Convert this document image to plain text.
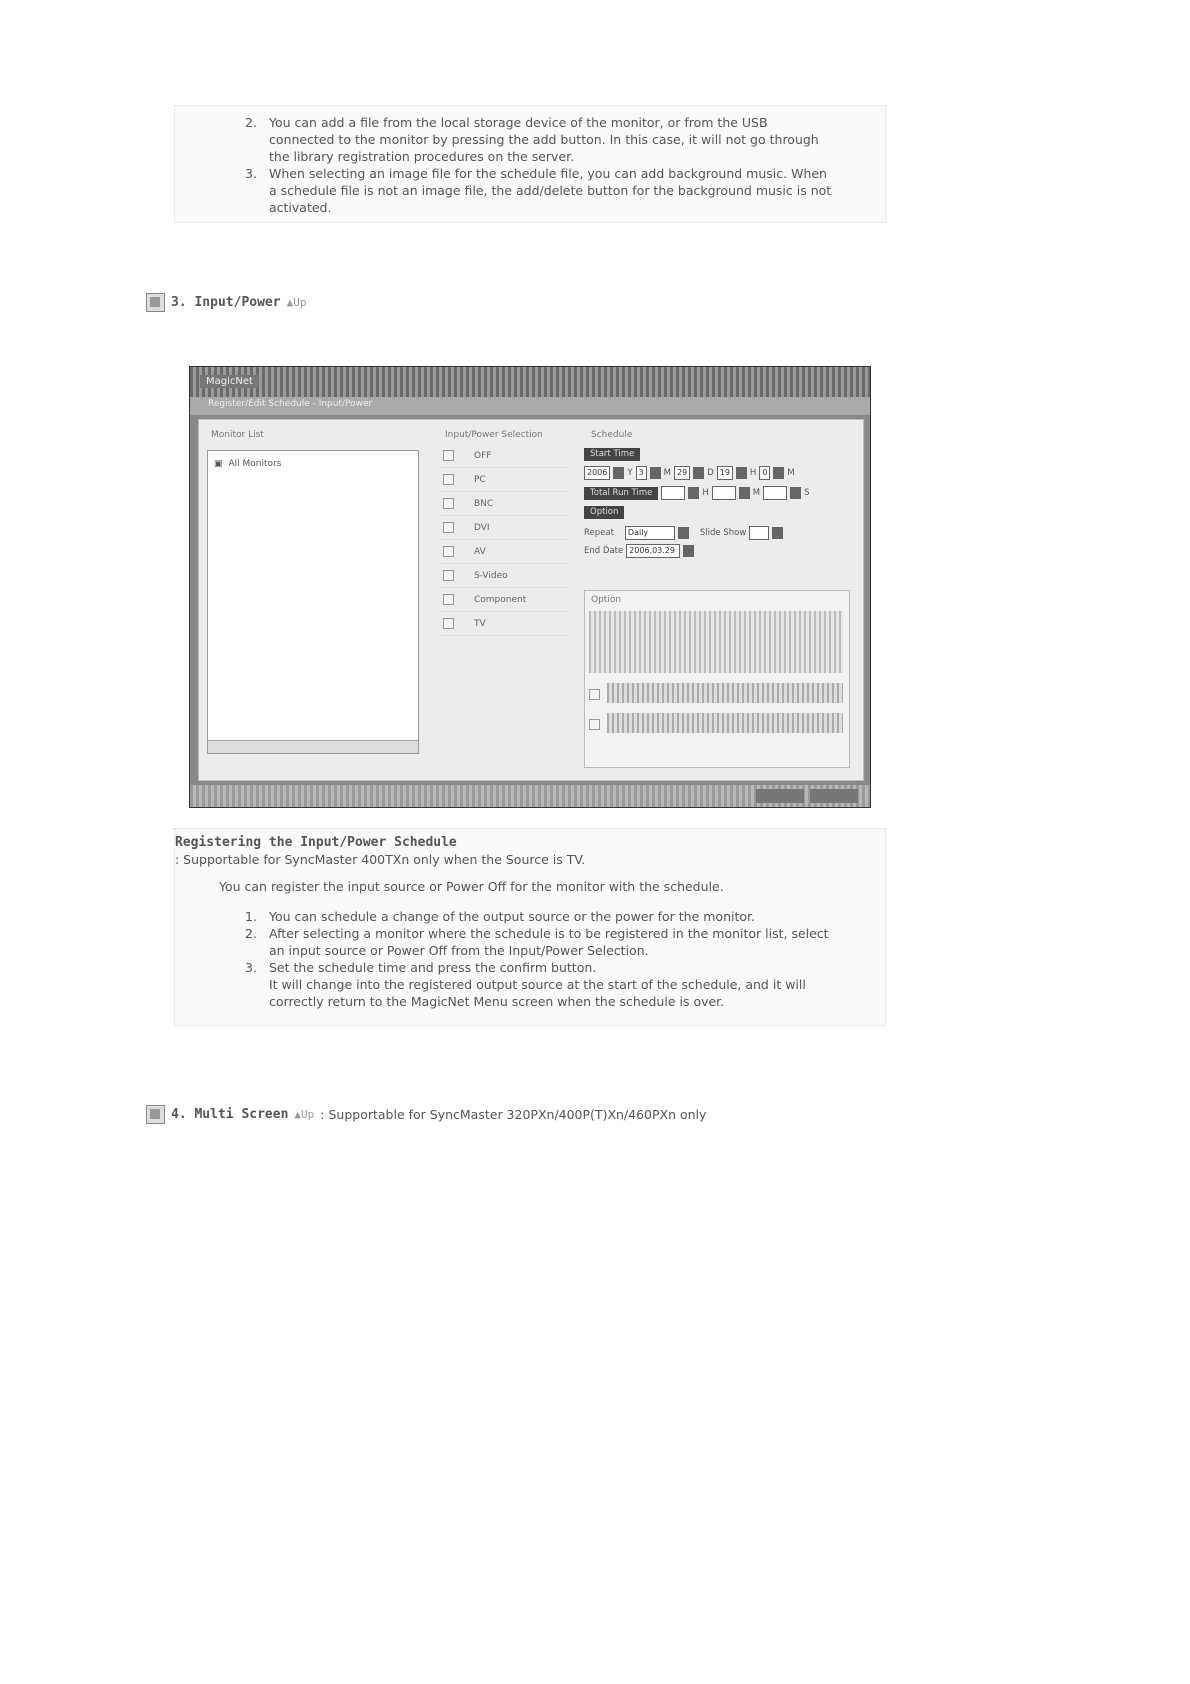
2. You can add a file from the local storage device of the monitor, or from the USB
connected to the monitor by pressing the add button. In this case, it will not go through
the library registration procedures on the server.
3. When selecting an image file for the schedule file, you can add background music. When
a schedule file is not an image file, the add/delete button for the background music is not
activated.
3. Input/Power ▲Up
MagicNet
Register/Edit Schedule - Input/Power
Monitor List
▣ All Monitors
Input/Power Selection
OFF
PC
BNC
DVI
AV
S-Video
Component
TV
Schedule
Start Time
2006	Y 3	M 29	D 19	H 0	M
Total Run Time	H	M	S
Option
Repeat	Daily	Slide Show
End Date 2006.03.29
Option
Registering the Input/Power Schedule
: Supportable for SyncMaster 400TXn only when the Source is TV.
You can register the input source or Power Off for the monitor with the schedule.
1. You can schedule a change of the output source or the power for the monitor.
2. After selecting a monitor where the schedule is to be registered in the monitor list, select
an input source or Power Off from the Input/Power Selection.
3. Set the schedule time and press the confirm button.
It will change into the registered output source at the start of the schedule, and it will
correctly return to the MagicNet Menu screen when the schedule is over.
4. Multi Screen ▲Up : Supportable for SyncMaster 320PXn/400P(T)Xn/460PXn only
